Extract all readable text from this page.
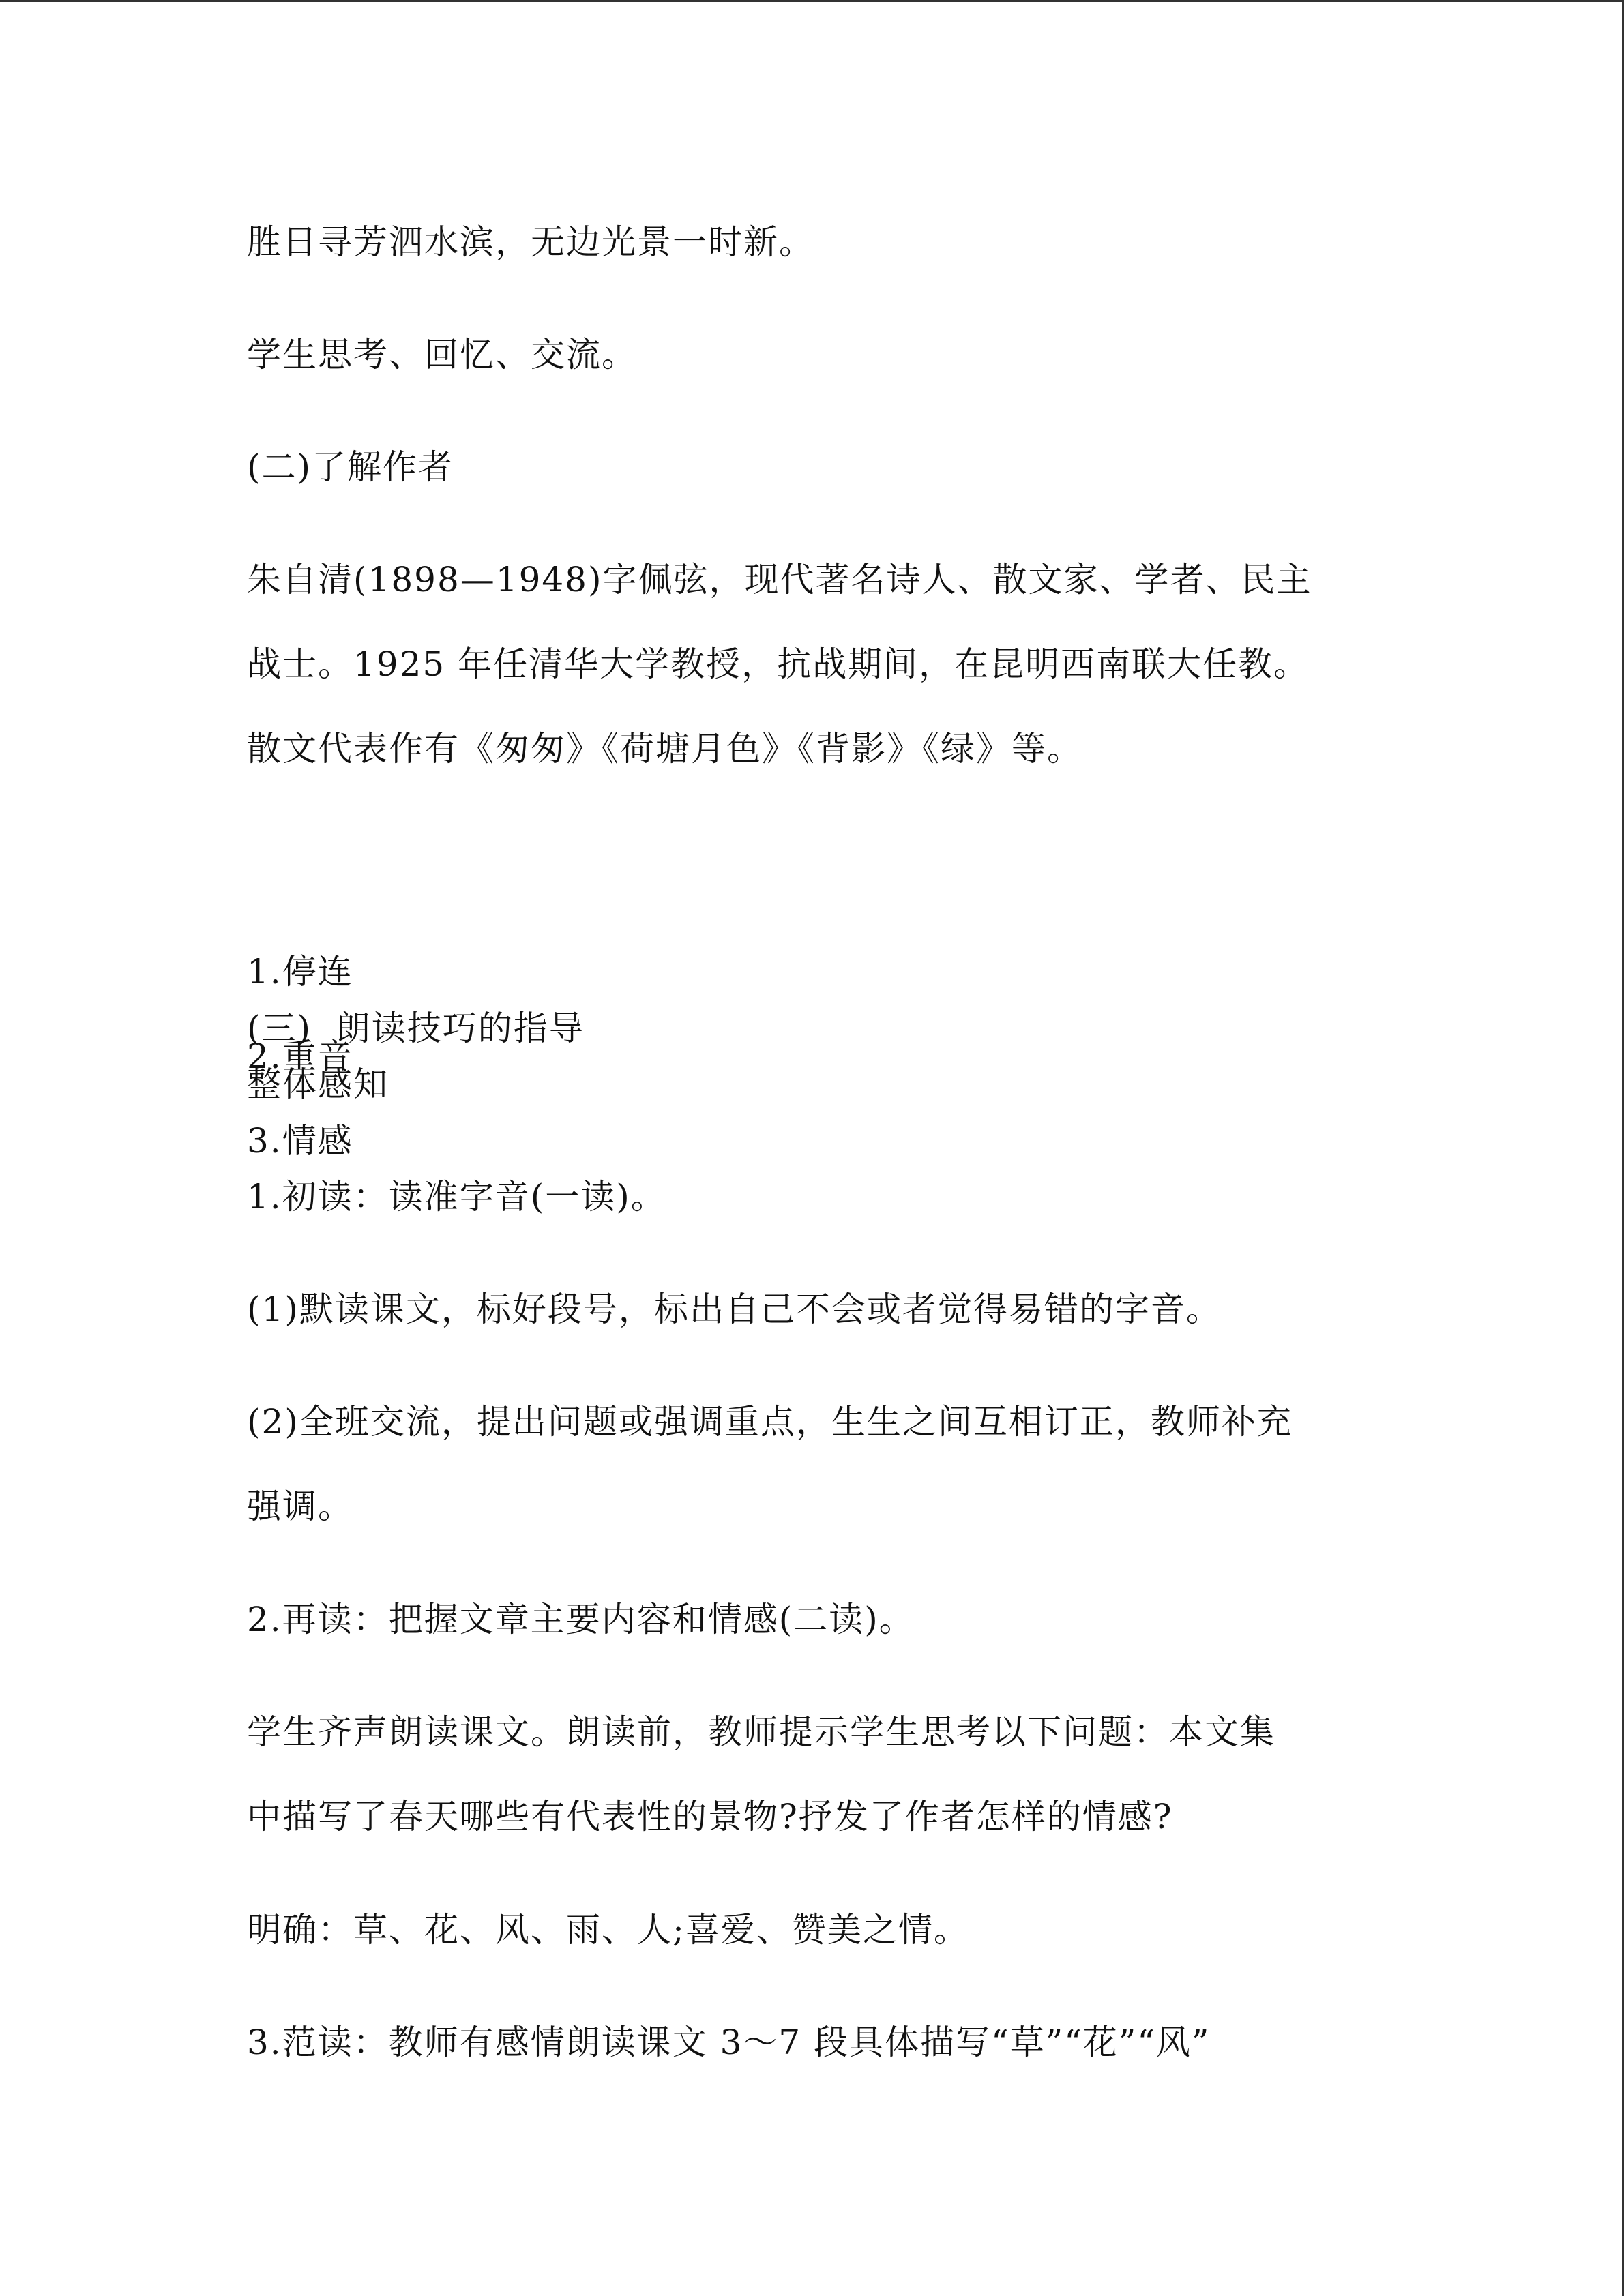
胜日寻芳泗水滨，无边光景一时新。

学生思考、回忆、交流。

(二)了解作者

朱自清(1898—1948)字佩弦，现代著名诗人、散文家、学者、民主
战士。1925 年任清华大学教授，抗战期间，在昆明西南联大任教。
散文代表作有《匆匆》《荷塘月色》《背影》《绿》等。

(三)  朗读技巧的指导

1.停连
2.重音
3.情感

整体感知

1.初读：读准字音(一读)。

(1)默读课文，标好段号，标出自己不会或者觉得易错的字音。

(2)全班交流，提出问题或强调重点，生生之间互相订正，教师补充
强调。

2.再读：把握文章主要内容和情感(二读)。

学生齐声朗读课文。朗读前，教师提示学生思考以下问题：本文集
中描写了春天哪些有代表性的景物?抒发了作者怎样的情感?

明确：草、花、风、雨、人;喜爱、赞美之情。

3.范读：教师有感情朗读课文 3～7 段具体描写“草”“花”“风”
